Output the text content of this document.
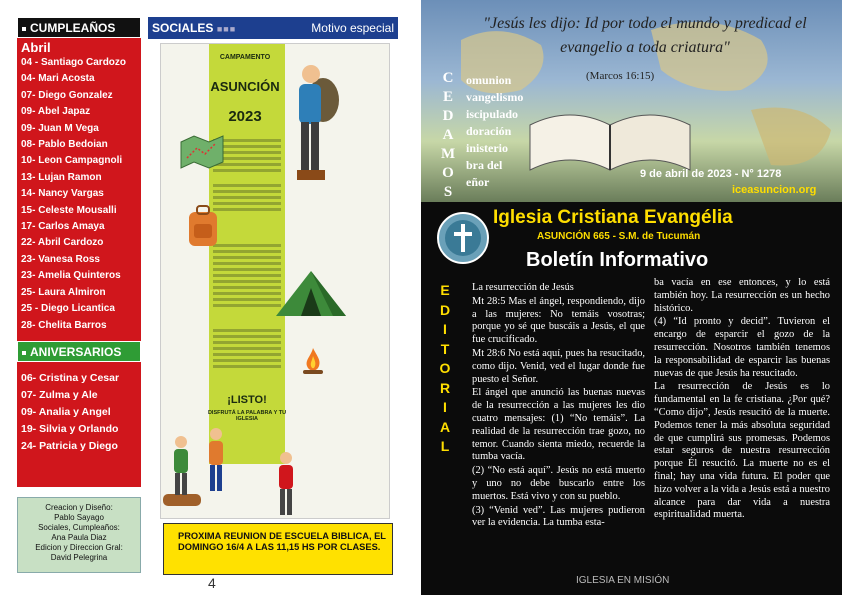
CUMPLEAÑOS
Abril
04 - Santiago Cardozo
04- Mari Acosta
07- Diego Gonzalez
09- Abel Japaz
09- Juan M Vega
08- Pablo Bedoian
10- Leon Campagnoli
13- Lujan Ramon
14- Nancy Vargas
15- Celeste Mousalli
17- Carlos Amaya
22- Abril Cardozo
23- Vanesa Ross
23- Amelia Quinteros
25- Laura Almiron
25 - Diego Licantica
28- Chelita Barros
ANIVERSARIOS
06- Cristina y Cesar
07- Zulma y Ale
09- Analia y Angel
19- Silvia y Orlando
24- Patricia y Diego
Creacion y Diseño:
Pablo Sayago
Sociales, Cumpleaños:
Ana Paula Diaz
Edicion y Direccion Gral:
David Pelegrina
SOCIALES ■■■	Motivo especial
CAMPAMENTO
ASUNCIÓN
2023
¡LISTO!
DISFRUTÁ LA PALABRA Y TU IGLESIA
PROXIMA REUNION DE ESCUELA BIBLICA, EL DOMINGO 16/4 A LAS 11,15 HS POR CLASES.
4
"Jesús les dijo: Id por todo el mundo y predicad el evangelio a toda criatura"
(Marcos 16:15)
C omunion
E vangelismo
D iscipulado
A doración
M inisterio
O bra del
S
eñor
9 de abril de 2023 - N° 1278
iceasuncion.org
Iglesia Cristiana Evangélia
ASUNCIÓN 665 - S.M. de Tucumán
Boletín Informativo
E
D
I
T
O
R
I
A
L

La resurrección de Jesús

Mt 28:5 Mas el ángel, respondiendo, dijo a las mujeres: No temáis vosotras; porque yo sé que buscáis a Jesús, el que fue crucificado.

Mt 28:6 No está aquí, pues ha resucitado, como dijo. Venid, ved el lugar donde fue puesto el Señor.

El ángel que anunció las buenas nuevas de la resurrección a las mujeres les dio cuatro mensajes: (1) “No temáis”. La realidad de la resurrección trae gozo, no temor. Cuando sienta miedo, recuerde la tumba vacía.

(2) “No está aquí”. Jesús no está muerto y uno no debe buscarlo entre los muertos. Está vivo y con su pueblo.

(3) “Venid ved”. Las mujeres pudieron ver la evidencia. La tumba esta-

ba vacía en ese entonces, y lo está también hoy. La resurrección es un hecho histórico.

(4) “Id pronto y decid”. Tuvieron el encargo de esparcir el gozo de la resurrección. Nosotros también tenemos la responsabilidad de esparcir las buenas nuevas de que Jesús ha resucitado.

La resurrección de Jesús es lo fundamental en la fe cristiana. ¿Por qué? “Como dijo”, Jesús resucitó de la muerte. Podemos tener la más absoluta seguridad de que cumplirá sus promesas. Podemos estar seguros de nuestra resurrección porque Él resucitó. La muerte no es el final; hay una vida futura. El poder que hizo volver a la vida a Jesús está a nuestro alcance para dar vida a nuestra espiritualidad muerta.

IGLESIA EN MISIÓN
